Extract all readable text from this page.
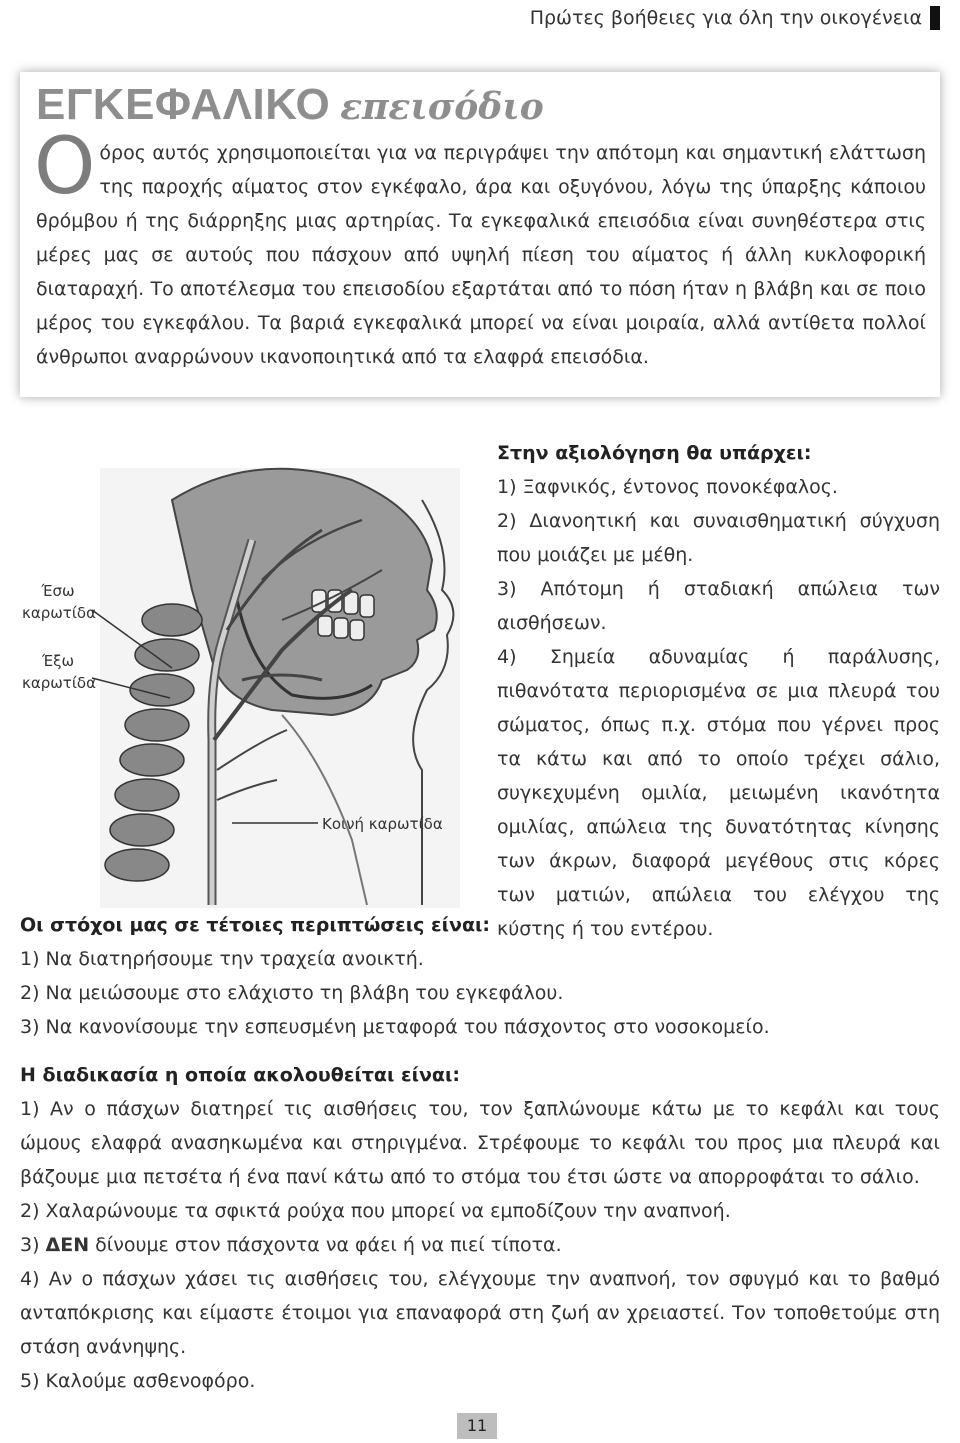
Πρώτες βοήθειες για όλη την οικογένεια
ΕΓΚΕΦΑΛΙΚΟ επεισόδιο

Οόρος αυτός χρησιμοποιείται για να περιγράψει την απότομη και σημαντική ελάττωση της παροχής αίματος στον εγκέφαλο, άρα και οξυγόνου, λόγω της ύπαρξης κάποιου θρόμβου ή της διάρρηξης μιας αρτηρίας. Τα εγκεφαλικά επεισόδια είναι συνηθέστερα στις μέρες μας σε αυτούς που πάσχουν από υψηλή πίεση του αίματος ή άλλη κυκλοφορική διαταραχή. Το αποτέλεσμα του επεισοδίου εξαρτάται από το πόση ήταν η βλάβη και σε ποιο μέρος του εγκεφάλου. Τα βαριά εγκεφαλικά μπορεί να είναι μοιραία, αλλά αντίθετα πολλοί άνθρωποι αναρρώνουν ικανοποιητικά από τα ελαφρά επεισόδια.

Έσω καρωτίδα
Έξω καρωτίδα
Κοινή καρωτίδα

Στην αξιολόγηση θα υπάρχει:

1) Ξαφνικός, έντονος πονοκέφαλος.

2) Διανοητική και συναισθηματική σύγχυση που μοιάζει με μέθη.

3) Απότομη ή σταδιακή απώλεια των αισθήσεων.

4) Σημεία αδυναμίας ή παράλυσης, πιθανότατα περιορισμένα σε μια πλευρά του σώματος, όπως π.χ. στόμα που γέρνει προς τα κάτω και από το οποίο τρέχει σάλιο, συγκεχυμένη ομιλία, μειωμένη ικανότητα ομιλίας, απώλεια της δυνατότητας κίνησης των άκρων, διαφορά μεγέθους στις κόρες των ματιών, απώλεια του ελέγχου της κύστης ή του εντέρου.

Οι στόχοι μας σε τέτοιες περιπτώσεις είναι:

1) Να διατηρήσουμε την τραχεία ανοικτή.

2) Να μειώσουμε στο ελάχιστο τη βλάβη του εγκεφάλου.

3) Να κανονίσουμε την εσπευσμένη μεταφορά του πάσχοντος στο νοσοκομείο.

Η διαδικασία η οποία ακολουθείται είναι:

1) Αν ο πάσχων διατηρεί τις αισθήσεις του, τον ξαπλώνουμε κάτω με το κεφάλι και τους ώμους ελαφρά ανασηκωμένα και στηριγμένα. Στρέφουμε το κεφάλι του προς μια πλευρά και βάζουμε μια πετσέτα ή ένα πανί κάτω από το στόμα του έτσι ώστε να απορροφάται το σάλιο.

2) Χαλαρώνουμε τα σφικτά ρούχα που μπορεί να εμποδίζουν την αναπνοή.

3) ΔΕΝ δίνουμε στον πάσχοντα να φάει ή να πιεί τίποτα.

4) Αν ο πάσχων χάσει τις αισθήσεις του, ελέγχουμε την αναπνοή, τον σφυγμό και το βαθμό ανταπόκρισης και είμαστε έτοιμοι για επαναφορά στη ζωή αν χρειαστεί. Τον τοποθετούμε στη στάση ανάνηψης.

5) Καλούμε ασθενοφόρο.

11
